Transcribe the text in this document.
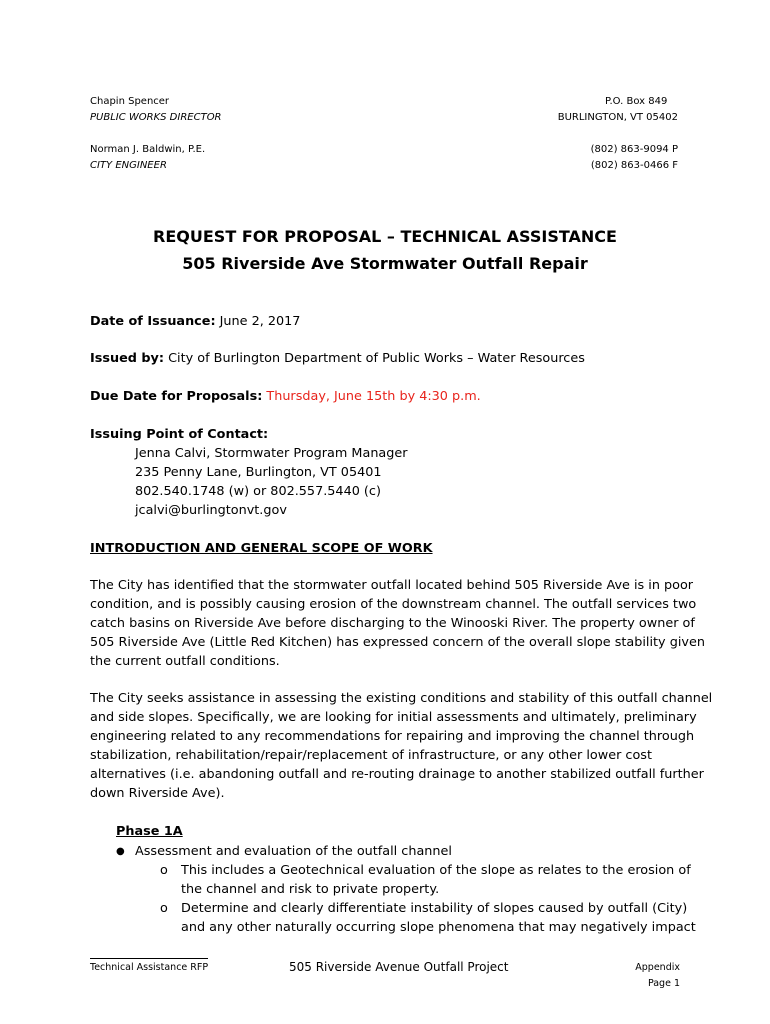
Chapin Spencer
PUBLIC WORKS DIRECTOR
Norman J. Baldwin, P.E.
CITY ENGINEER
P.O. Box 849
BURLINGTON, VT 05402
(802) 863-9094 P
(802) 863-0466 F
REQUEST FOR PROPOSAL – TECHNICAL ASSISTANCE
505 Riverside Ave Stormwater Outfall Repair
Date of Issuance: June 2, 2017
Issued by: City of Burlington Department of Public Works – Water Resources
Due Date for Proposals: Thursday, June 15th by 4:30 p.m.
Issuing Point of Contact:
Jenna Calvi, Stormwater Program Manager
235 Penny Lane, Burlington, VT 05401
802.540.1748 (w) or 802.557.5440 (c)
jcalvi@burlingtonvt.gov
INTRODUCTION AND GENERAL SCOPE OF WORK
The City has identified that the stormwater outfall located behind 505 Riverside Ave is in poor
condition, and is possibly causing erosion of the downstream channel. The outfall services two
catch basins on Riverside Ave before discharging to the Winooski River. The property owner of
505 Riverside Ave (Little Red Kitchen) has expressed concern of the overall slope stability given
the current outfall conditions.
The City seeks assistance in assessing the existing conditions and stability of this outfall channel
and side slopes. Specifically, we are looking for initial assessments and ultimately, preliminary
engineering related to any recommendations for repairing and improving the channel through
stabilization, rehabilitation/repair/replacement of infrastructure, or any other lower cost
alternatives (i.e. abandoning outfall and re-routing drainage to another stabilized outfall further
down Riverside Ave).
Phase 1A
● Assessment and evaluation of the outfall channel
o This includes a Geotechnical evaluation of the slope as relates to the erosion of
the channel and risk to private property.
o Determine and clearly differentiate instability of slopes caused by outfall (City)
and any other naturally occurring slope phenomena that may negatively impact
Technical Assistance RFP	505 Riverside Avenue Outfall Project	Appendix
Page 1
